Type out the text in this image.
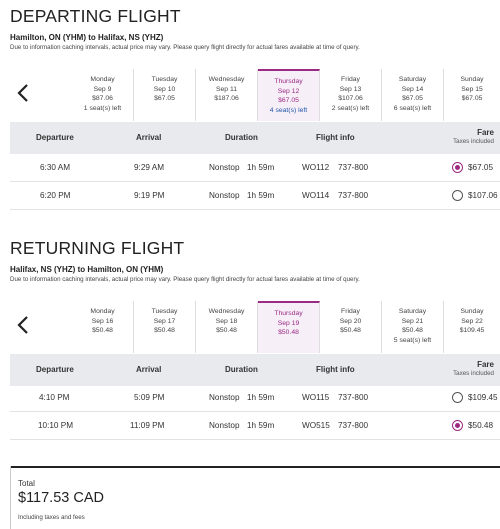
DEPARTING FLIGHT
Hamilton, ON (YHM) to Halifax, NS (YHZ)
Due to information caching intervals, actual price may vary. Please query flight directly for actual fares available at time of query.
Monday
Sep 9
$87.06
1 seat(s) left
Tuesday
Sep 10
$67.05
Wednesday
Sep 11
$187.06
Thursday
Sep 12
$67.05
4 seat(s) left
Friday
Sep 13
$107.06
2 seat(s) left
Saturday
Sep 14
$67.05
6 seat(s) left
Sunday
Sep 15
$67.05
Departure	Arrival	Duration	Flight info
Fare
Taxes included
6:30 AM	9:29 AM	Nonstop 1h 59m	WO112 737-800	$67.05
6:20 PM	9:19 PM	Nonstop 1h 59m	WO114 737-800	$107.06
RETURNING FLIGHT
Halifax, NS (YHZ) to Hamilton, ON (YHM)
Due to information caching intervals, actual price may vary. Please query flight directly for actual fares available at time of query.
Monday
Sep 16
$50.48
Tuesday
Sep 17
$50.48
Wednesday
Sep 18
$50.48
Thursday
Sep 19
$50.48
Friday
Sep 20
$50.48
Saturday
Sep 21
$50.48
5 seat(s) left
Sunday
Sep 22
$109.45
Departure	Arrival	Duration	Flight info
Fare
Taxes included
4:10 PM	5:09 PM	Nonstop 1h 59m	WO115 737-800	$109.45
10:10 PM	11:09 PM	Nonstop 1h 59m	WO515 737-800	$50.48
Total
$117.53 CAD
Including taxes and fees
